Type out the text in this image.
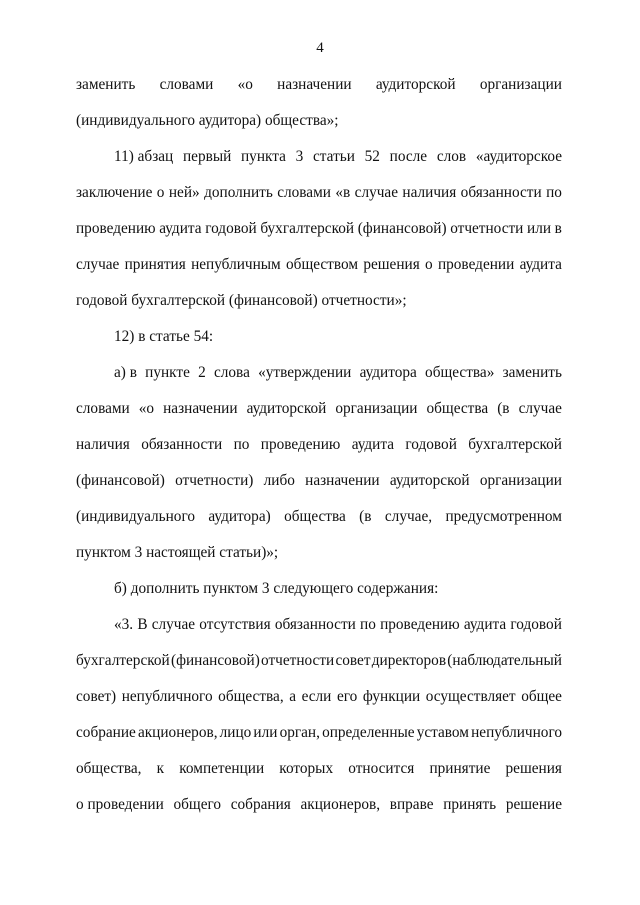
4
заменить словами «о назначении аудиторской организации
(индивидуального аудитора) общества»;
11) абзац первый пункта 3 статьи 52 после слов «аудиторское
заключение о ней» дополнить словами «в случае наличия обязанности по
проведению аудита годовой бухгалтерской (финансовой) отчетности или в
случае принятия непубличным обществом решения о проведении аудита
годовой бухгалтерской (финансовой) отчетности»;
12) в статье 54:
а) в пункте 2 слова «утверждении аудитора общества» заменить
словами «о назначении аудиторской организации общества (в случае
наличия обязанности по проведению аудита годовой бухгалтерской
(финансовой) отчетности) либо назначении аудиторской организации
(индивидуального аудитора) общества (в случае, предусмотренном
пунктом 3 настоящей статьи)»;
б) дополнить пунктом 3 следующего содержания:
«3. В случае отсутствия обязанности по проведению аудита годовой
бухгалтерской (финансовой) отчетности совет директоров (наблюдательный
совет) непубличного общества, а если его функции осуществляет общее
собрание акционеров, лицо или орган, определенные уставом непубличного
общества, к компетенции которых относится принятие решения
о проведении общего собрания акционеров, вправе принять решение
